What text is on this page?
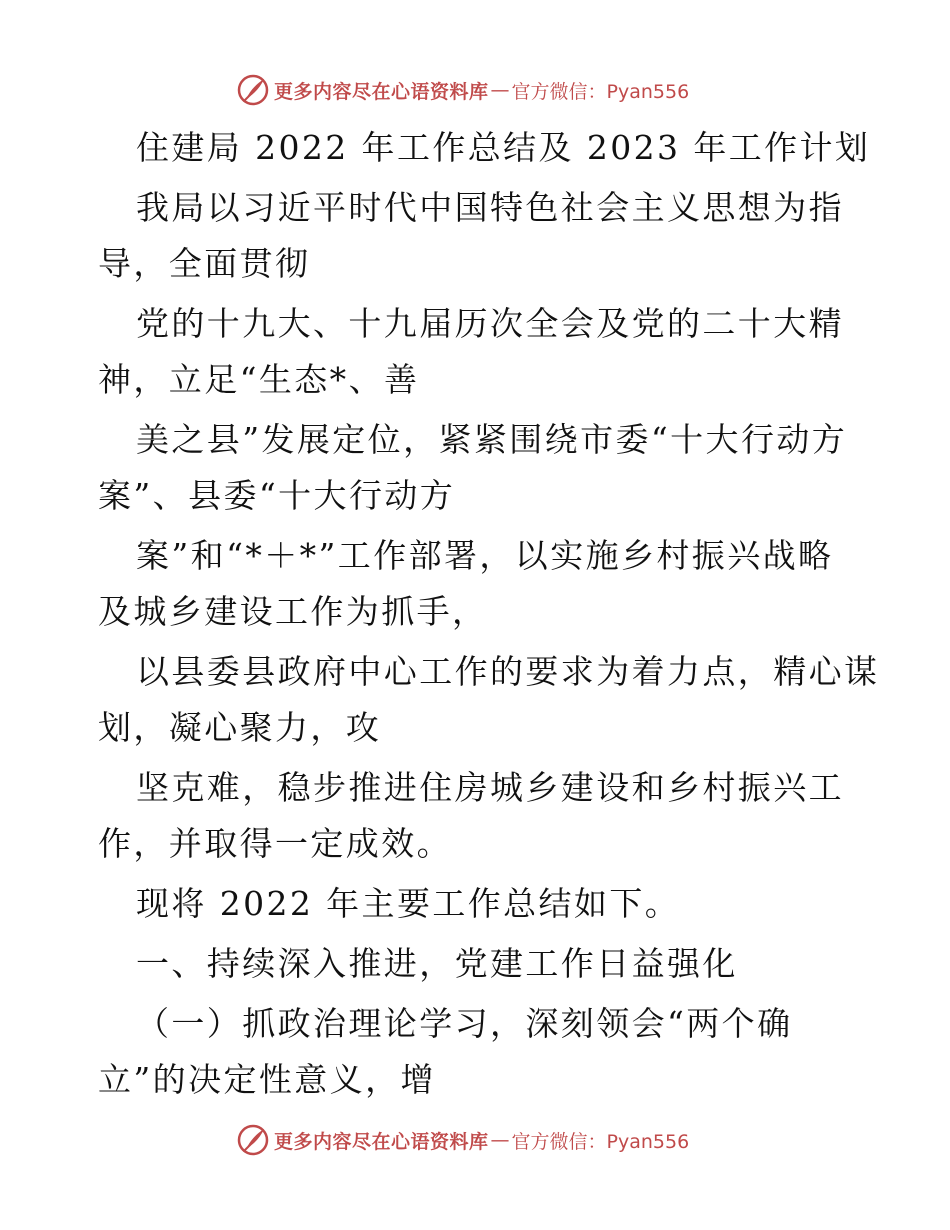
更多内容尽在心语资料库 — 官方微信：Pyan556

住建局 2022 年工作总结及 2023 年工作计划

我局以习近平时代中国特色社会主义思想为指

导，全面贯彻

党的十九大、十九届历次全会及党的二十大精

神，立足“生态*、善

美之县”发展定位，紧紧围绕市委“十大行动方

案”、县委“十大行动方

案”和“*＋*”工作部署，以实施乡村振兴战略

及城乡建设工作为抓手，

以县委县政府中心工作的要求为着力点，精心谋

划，凝心聚力，攻

坚克难，稳步推进住房城乡建设和乡村振兴工

作，并取得一定成效。

现将 2022 年主要工作总结如下。

一、持续深入推进，党建工作日益强化

（一）抓政治理论学习，深刻领会“两个确

立”的决定性意义，增

更多内容尽在心语资料库 — 官方微信：Pyan556
